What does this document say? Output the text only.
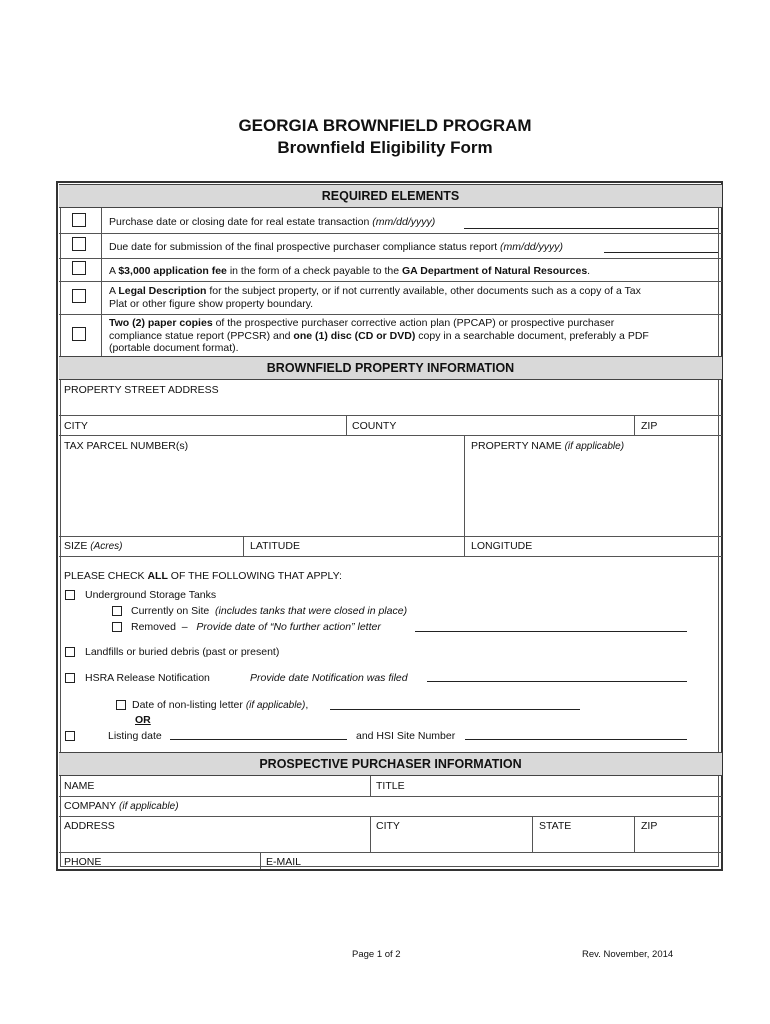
GEORGIA BROWNFIELD PROGRAM
Brownfield Eligibility Form
REQUIRED ELEMENTS
Purchase date or closing date for real estate transaction (mm/dd/yyyy)
Due date for submission of the final prospective purchaser compliance status report (mm/dd/yyyy)
A $3,000 application fee in the form of a check payable to the GA Department of Natural Resources.
A Legal Description for the subject property, or if not currently available, other documents such as a copy of a Tax
Plat or other figure show property boundary.
Two (2) paper copies of the prospective purchaser corrective action plan (PPCAP) or prospective purchaser
compliance statue report (PPCSR) and one (1) disc (CD or DVD) copy in a searchable document, preferably a PDF
(portable document format).
BROWNFIELD PROPERTY INFORMATION
PROPERTY STREET ADDRESS
CITY	COUNTY	ZIP
TAX PARCEL NUMBER(s)	PROPERTY NAME (if applicable)
SIZE (Acres)	LATITUDE	LONGITUDE
PLEASE CHECK ALL OF THE FOLLOWING THAT APPLY:
Underground Storage Tanks
Currently on Site (includes tanks that were closed in place)
Removed – Provide date of “No further action” letter
Landfills or buried debris (past or present)
HSRA Release Notification	Provide date Notification was filed
Date of non-listing letter (if applicable),
OR
Listing date	and HSI Site Number
PROSPECTIVE PURCHASER INFORMATION
NAME	TITLE
COMPANY (if applicable)
ADDRESS	CITY	STATE	ZIP
PHONE	E-MAIL
Page 1 of 2	Rev. November, 2014
